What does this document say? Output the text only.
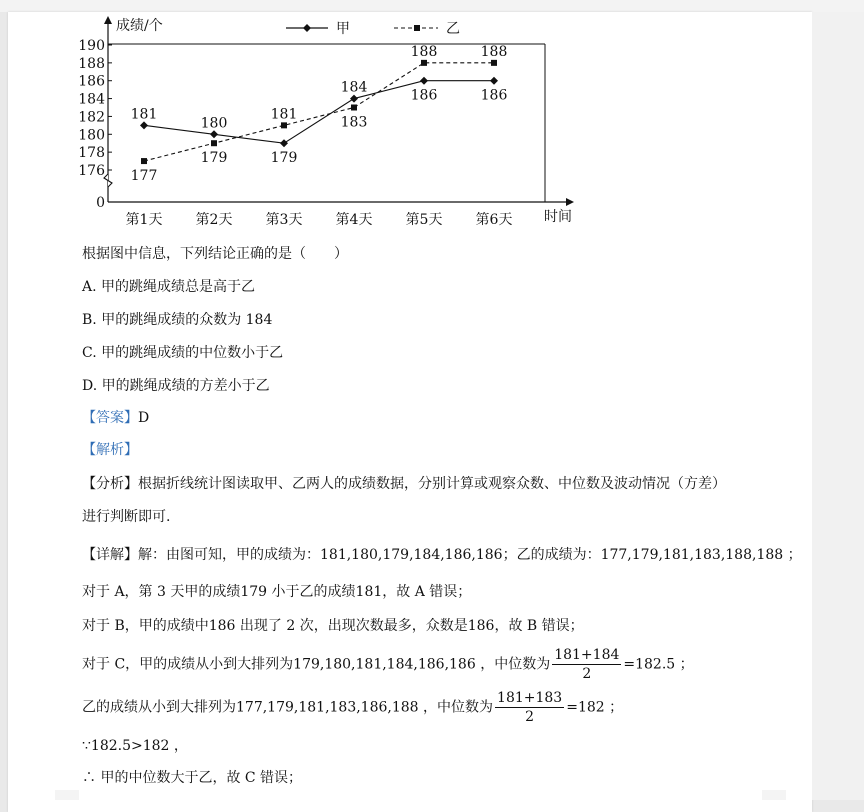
190
188
186
184
182
180
178
176
0
成绩/个
时间
第1天 第2天 第3天 第4天 第5天 第6天
甲	乙
181
180
179
184
186	186
177
179
181
183
188	188
根据图中信息，下列结论正确的是（　　）
A. 甲的跳绳成绩总是高于乙
B. 甲的跳绳成绩的众数为 184
C. 甲的跳绳成绩的中位数小于乙
D. 甲的跳绳成绩的方差小于乙
【答案】D
【解析】
【分析】根据折线统计图读取甲、乙两人的成绩数据，分别计算或观察众数、中位数及波动情况（方差）
进行判断即可.
【详解】解：由图可知，甲的成绩为：181,180,179,184,186,186；乙的成绩为：177,179,181,183,188,188 ；
对于 A，第 3 天甲的成绩179 小于乙的成绩181，故 A 错误；
对于 B，甲的成绩中186 出现了 2 次，出现次数最多，众数是186，故 B 错误；
对于 C，甲的成绩从小到大排列为179,180,181,184,186,186 ，中位数为 $\frac{181+184}{2} =182.5$ ；
乙的成绩从小到大排列为177,179,181,183,186,188 ，中位数为 $\frac{181+183}{2} =182$ ；
∵182.5>182 ，
∴ 甲的中位数大于乙，故 C 错误；
